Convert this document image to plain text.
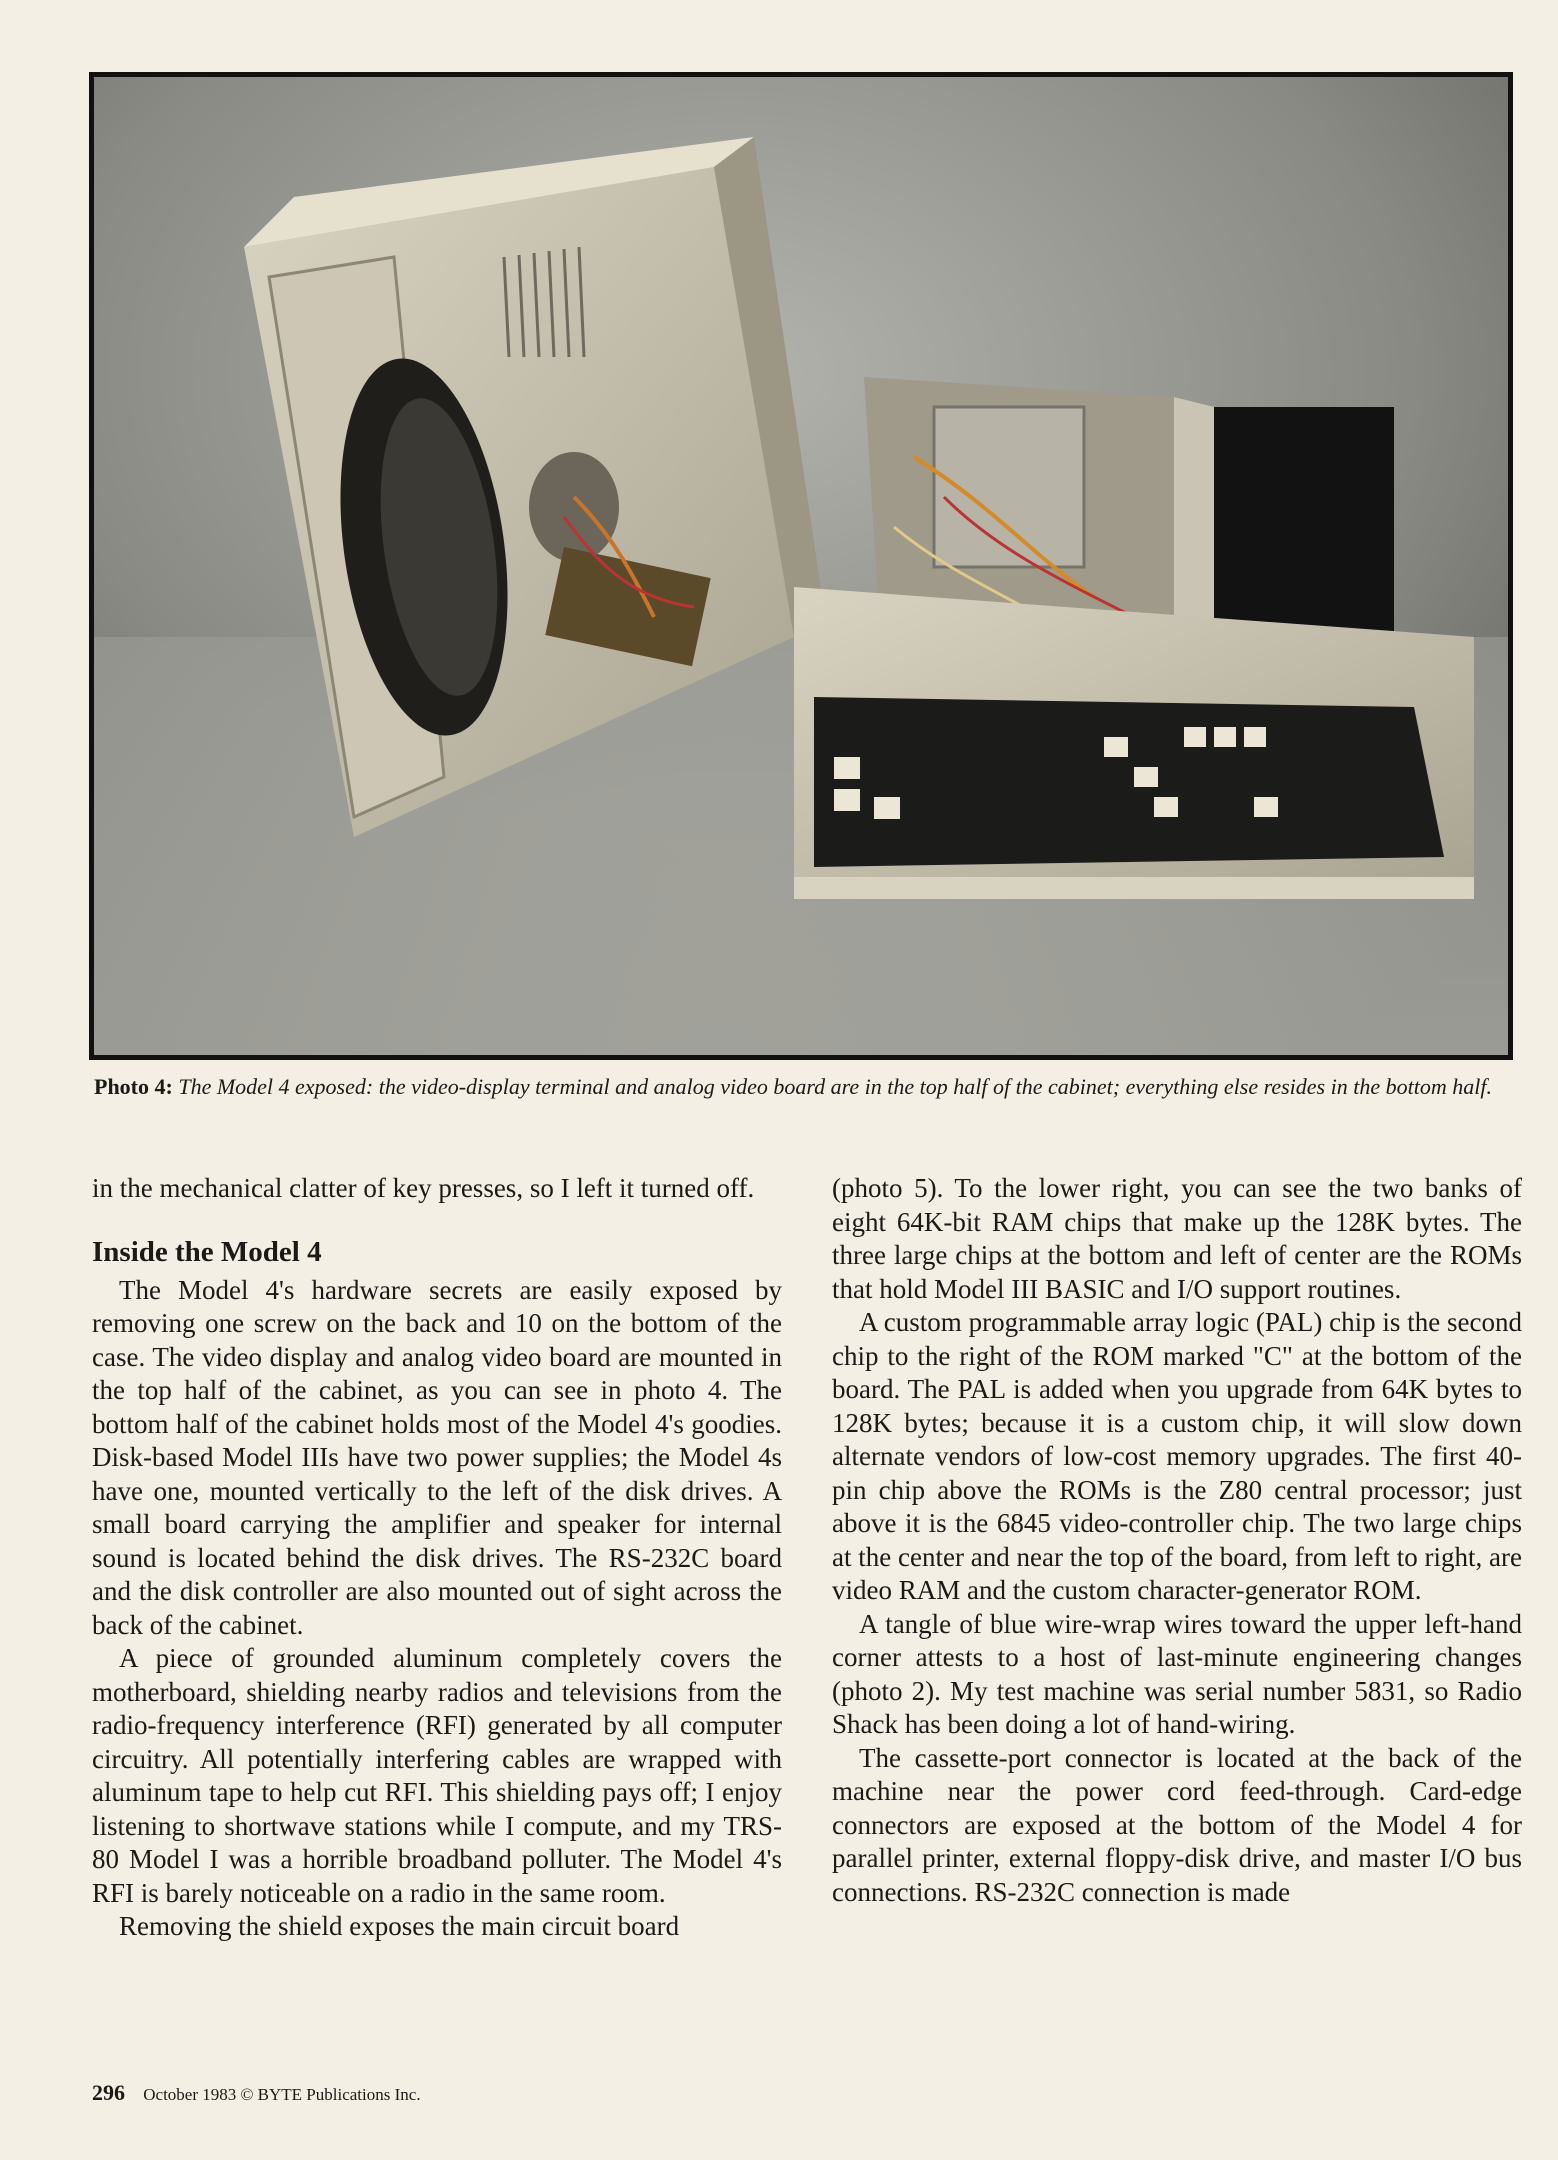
Photo 4: The Model 4 exposed: the video-display terminal and analog video board are in the top half of the cabinet; everything else resides in the bottom half.

in the mechanical clatter of key presses, so I left it turned off.

Inside the Model 4

The Model 4's hardware secrets are easily exposed by removing one screw on the back and 10 on the bottom of the case. The video display and analog video board are mounted in the top half of the cabinet, as you can see in photo 4. The bottom half of the cabinet holds most of the Model 4's goodies. Disk-based Model IIIs have two power supplies; the Model 4s have one, mounted vertically to the left of the disk drives. A small board carrying the amplifier and speaker for internal sound is located behind the disk drives. The RS-232C board and the disk controller are also mounted out of sight across the back of the cabinet.

A piece of grounded aluminum completely covers the motherboard, shielding nearby radios and televisions from the radio-frequency interference (RFI) generated by all computer circuitry. All potentially interfering cables are wrapped with aluminum tape to help cut RFI. This shielding pays off; I enjoy listening to shortwave stations while I compute, and my TRS-80 Model I was a horrible broadband polluter. The Model 4's RFI is barely noticeable on a radio in the same room.

Removing the shield exposes the main circuit board

(photo 5). To the lower right, you can see the two banks of eight 64K-bit RAM chips that make up the 128K bytes. The three large chips at the bottom and left of center are the ROMs that hold Model III BASIC and I/O support routines.

A custom programmable array logic (PAL) chip is the second chip to the right of the ROM marked "C" at the bottom of the board. The PAL is added when you upgrade from 64K bytes to 128K bytes; because it is a custom chip, it will slow down alternate vendors of low-cost memory upgrades. The first 40-pin chip above the ROMs is the Z80 central processor; just above it is the 6845 video-controller chip. The two large chips at the center and near the top of the board, from left to right, are video RAM and the custom character-generator ROM.

A tangle of blue wire-wrap wires toward the upper left-hand corner attests to a host of last-minute engineering changes (photo 2). My test machine was serial number 5831, so Radio Shack has been doing a lot of hand-wiring.

The cassette-port connector is located at the back of the machine near the power cord feed-through. Card-edge connectors are exposed at the bottom of the Model 4 for parallel printer, external floppy-disk drive, and master I/O bus connections. RS-232C connection is made

296 October 1983 © BYTE Publications Inc.
